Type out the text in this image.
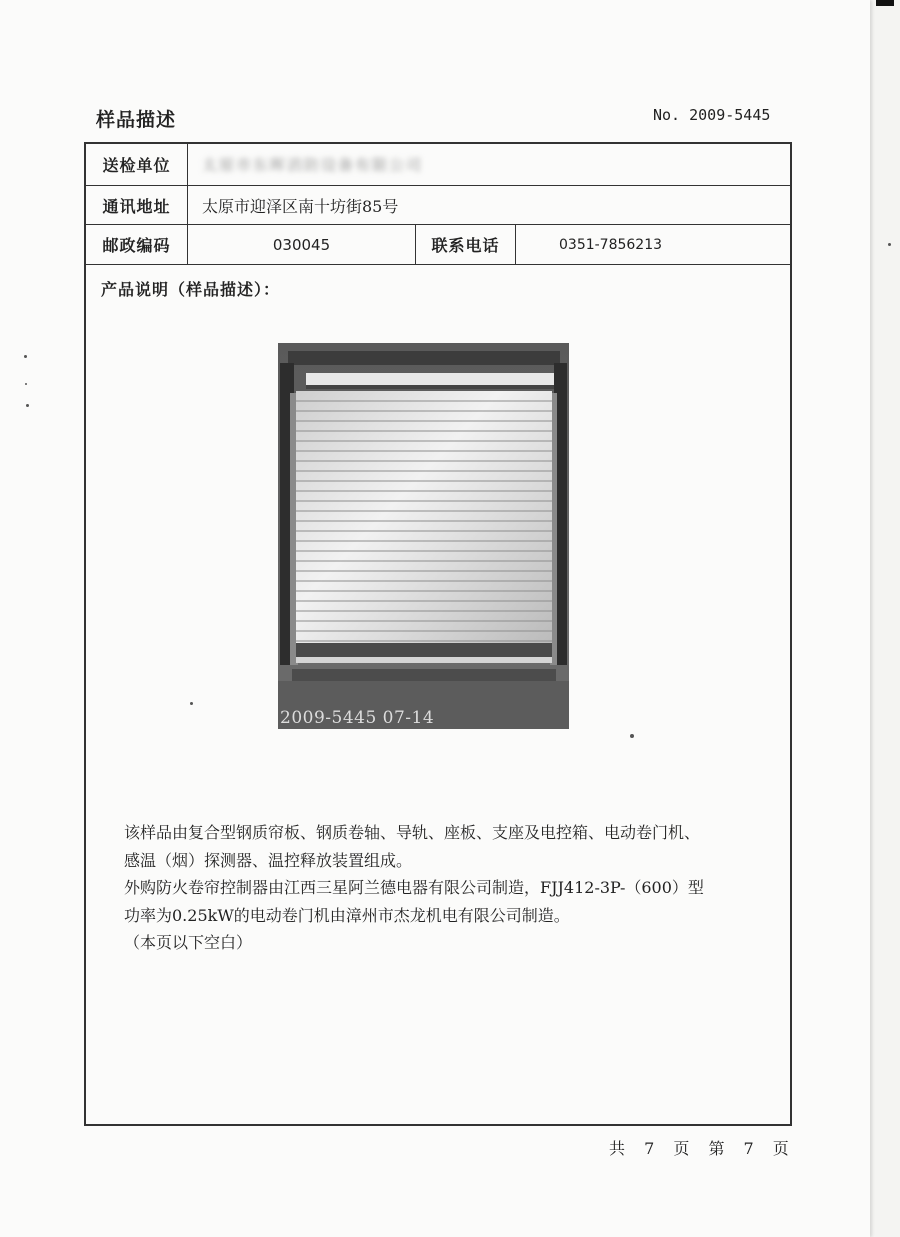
样品描述	No. 2009-5445
送检单位	太原市东晖消防设备有限公司
通讯地址	太原市迎泽区南十坊街85号
邮政编码	030045	联系电话	0351-7856213
产品说明（样品描述）：
2009-5445 07-14

该样品由复合型钢质帘板、钢质卷轴、导轨、座板、支座及电控箱、电动卷门机、

感温（烟）探测器、温控释放装置组成。

外购防火卷帘控制器由江西三星阿兰德电器有限公司制造，FJJ412-3P-（600）型

功率为0.25kW的电动卷门机由漳州市杰龙机电有限公司制造。

（本页以下空白）

共 7 页 第 7 页
